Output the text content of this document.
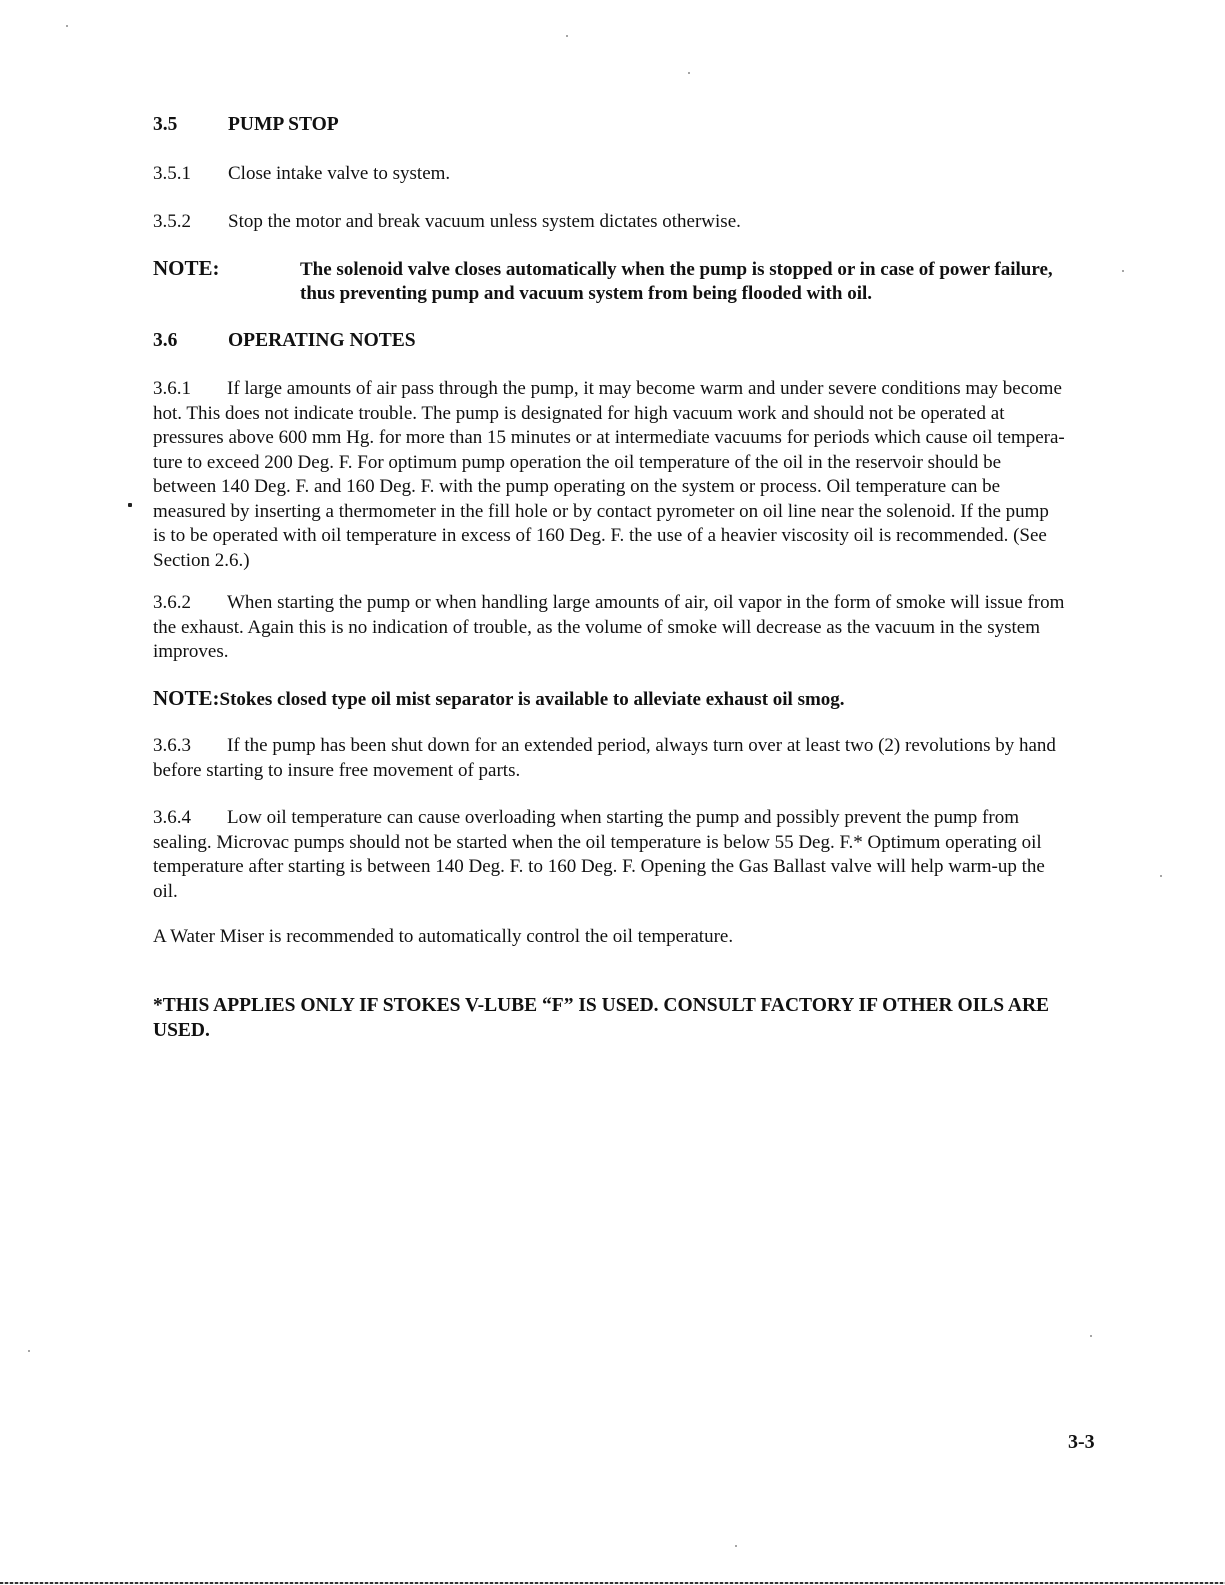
3.5	PUMP STOP
3.5.1 Close intake valve to system.
3.5.2 Stop the motor and break vacuum unless system dictates otherwise.
NOTE:	The solenoid valve closes automatically when the pump is stopped or in case of power failure,
thus preventing pump and vacuum system from being flooded with oil.
3.6	OPERATING NOTES
3.6.1 If large amounts of air pass through the pump, it may become warm and under severe conditions may become
hot. This does not indicate trouble. The pump is designated for high vacuum work and should not be operated at
pressures above 600 mm Hg. for more than 15 minutes or at intermediate vacuums for periods which cause oil tempera-
ture to exceed 200 Deg. F. For optimum pump operation the oil temperature of the oil in the reservoir should be
between 140 Deg. F. and 160 Deg. F. with the pump operating on the system or process. Oil temperature can be
measured by inserting a thermometer in the fill hole or by contact pyrometer on oil line near the solenoid. If the pump
is to be operated with oil temperature in excess of 160 Deg. F. the use of a heavier viscosity oil is recommended. (See
Section 2.6.)
3.6.2 When starting the pump or when handling large amounts of air, oil vapor in the form of smoke will issue from
the exhaust. Again this is no indication of trouble, as the volume of smoke will decrease as the vacuum in the system
improves.
NOTE:Stokes closed type oil mist separator is available to alleviate exhaust oil smog.
3.6.3 If the pump has been shut down for an extended period, always turn over at least two (2) revolutions by hand
before starting to insure free movement of parts.
3.6.4 Low oil temperature can cause overloading when starting the pump and possibly prevent the pump from
sealing. Microvac pumps should not be started when the oil temperature is below 55 Deg. F.* Optimum operating oil
temperature after starting is between 140 Deg. F. to 160 Deg. F. Opening the Gas Ballast valve will help warm-up the
oil.
A Water Miser is recommended to automatically control the oil temperature.
*THIS APPLIES ONLY IF STOKES V-LUBE “F” IS USED. CONSULT FACTORY IF OTHER OILS ARE
USED.
3-3
